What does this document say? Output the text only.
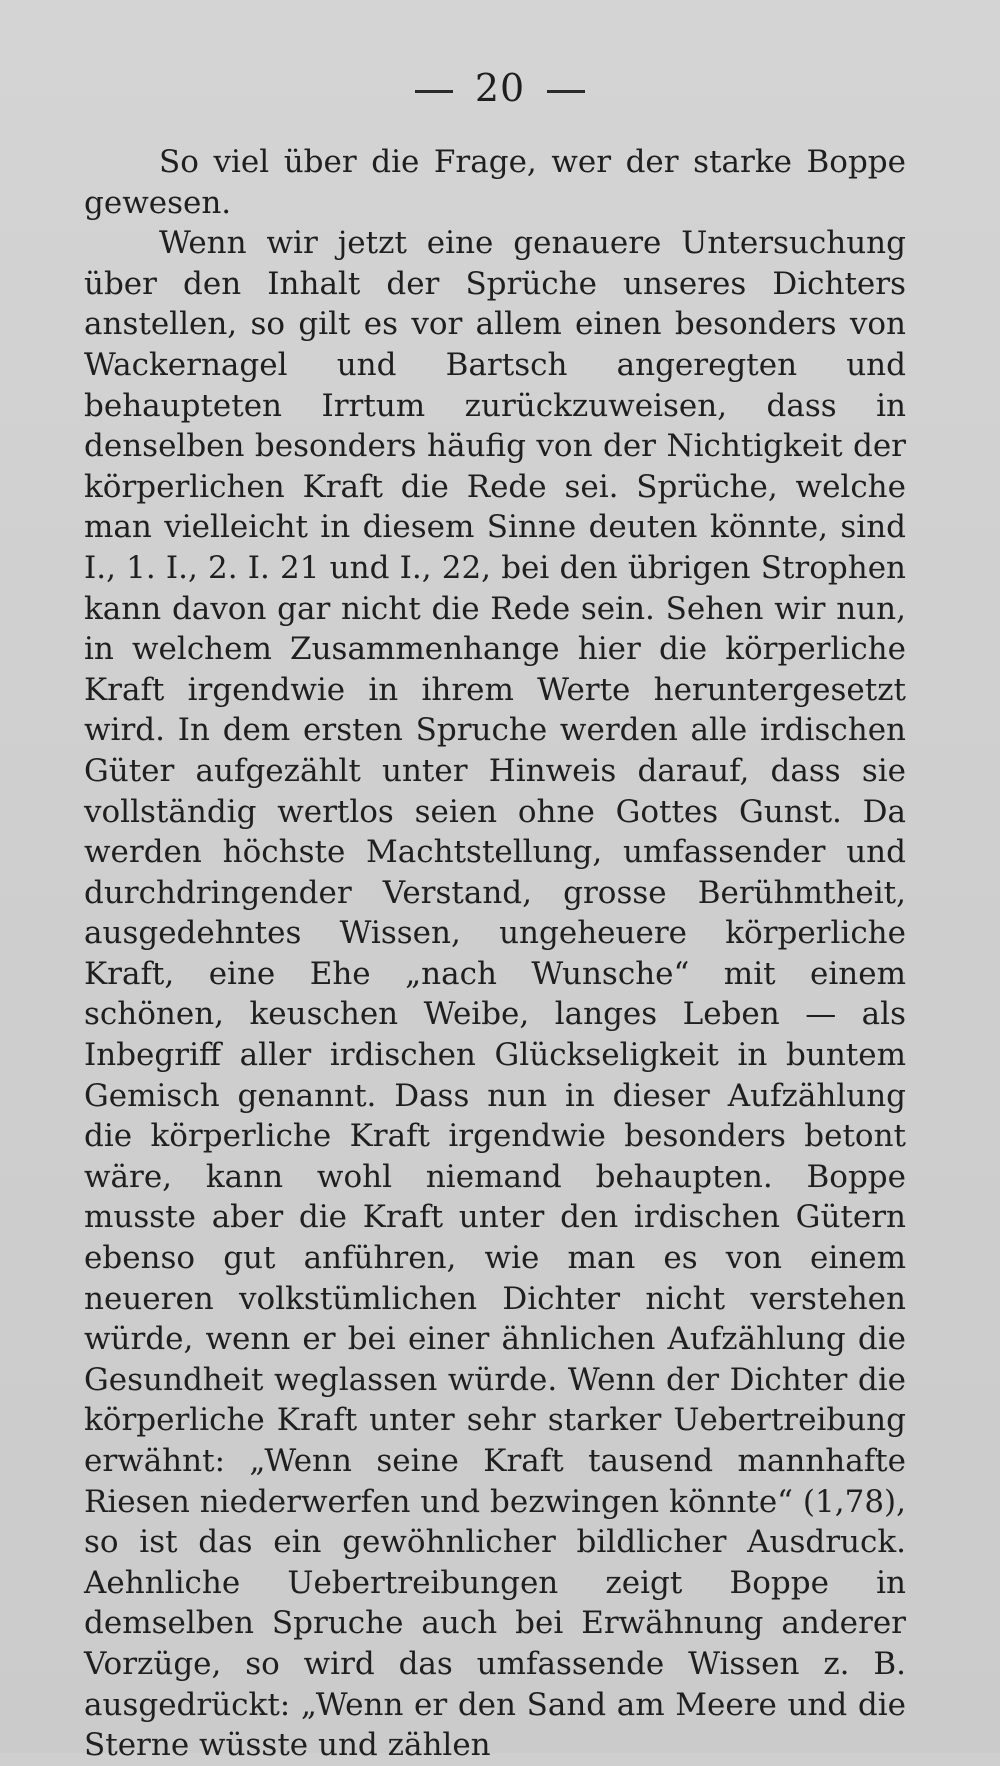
20

So viel über die Frage, wer der starke Boppe gewesen.

Wenn wir jetzt eine genauere Untersuchung über den Inhalt der Sprüche unseres Dichters anstellen, so gilt es vor allem einen besonders von Wackernagel und Bartsch angeregten und behaupteten Irrtum zurückzuweisen, dass in denselben besonders häufig von der Nichtigkeit der körperlichen Kraft die Rede sei. Sprüche, welche man vielleicht in diesem Sinne deuten könnte, sind I., 1. I., 2. I. 21 und I., 22, bei den übrigen Strophen kann davon gar nicht die Rede sein. Sehen wir nun, in welchem Zusammenhange hier die körperliche Kraft irgendwie in ihrem Werte heruntergesetzt wird. In dem ersten Spruche werden alle irdischen Güter aufgezählt unter Hinweis darauf, dass sie vollständig wertlos seien ohne Gottes Gunst. Da werden höchste Machtstellung, umfassender und durchdringender Verstand, grosse Berühmtheit, ausgedehntes Wissen, ungeheuere körperliche Kraft, eine Ehe „nach Wunsche“ mit einem schönen, keuschen Weibe, langes Leben — als Inbegriff aller irdischen Glückseligkeit in buntem Gemisch genannt. Dass nun in dieser Aufzählung die körperliche Kraft irgendwie besonders betont wäre, kann wohl niemand behaupten. Boppe musste aber die Kraft unter den irdischen Gütern ebenso gut anführen, wie man es von einem neueren volkstümlichen Dichter nicht verstehen würde, wenn er bei einer ähnlichen Aufzählung die Gesundheit weglassen würde. Wenn der Dichter die körperliche Kraft unter sehr starker Uebertreibung erwähnt: „Wenn seine Kraft tausend mannhafte Riesen niederwerfen und bezwingen könnte“ (1,78), so ist das ein gewöhnlicher bildlicher Ausdruck. Aehnliche Uebertreibungen zeigt Boppe in demselben Spruche auch bei Erwähnung anderer Vorzüge, so wird das umfassende Wissen z. B. ausgedrückt: „Wenn er den Sand am Meere und die Sterne wüsste und zählen
